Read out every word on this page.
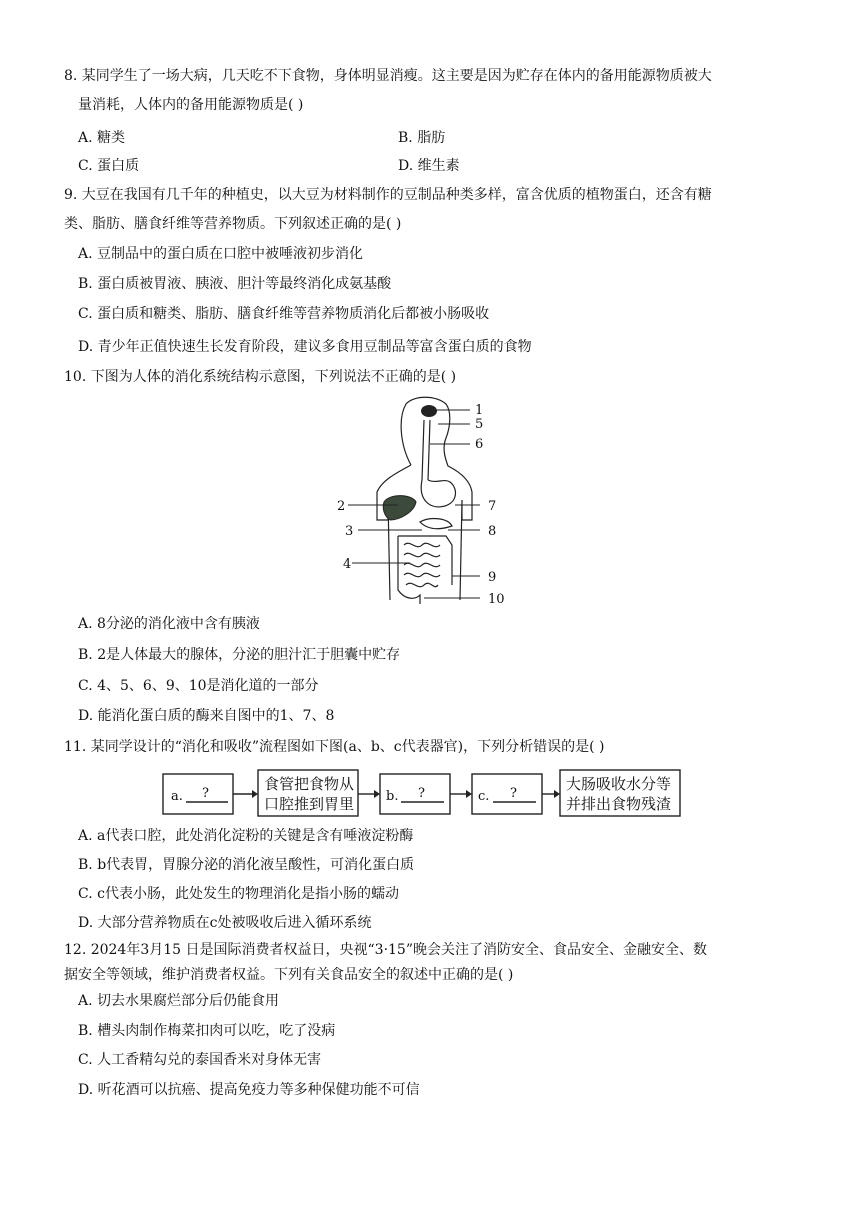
8. 某同学生了一场大病，几天吃不下食物，身体明显消瘦。这主要是因为贮存在体内的备用能源物质被大
量消耗，人体内的备用能源物质是( )
A. 糖类	B. 脂肪
C. 蛋白质	D. 维生素
9. 大豆在我国有几千年的种植史，以大豆为材料制作的豆制品种类多样，富含优质的植物蛋白，还含有糖
类、脂肪、膳食纤维等营养物质。下列叙述正确的是( )
A. 豆制品中的蛋白质在口腔中被唾液初步消化
B. 蛋白质被胃液、胰液、胆汁等最终消化成氨基酸
C. 蛋白质和糖类、脂肪、膳食纤维等营养物质消化后都被小肠吸收
D. 青少年正值快速生长发育阶段，建议多食用豆制品等富含蛋白质的食物
10. 下图为人体的消化系统结构示意图，下列说法不正确的是( )
1
2
3
4
5
6
7
8
9
10
A. 8分泌的消化液中含有胰液
B. 2是人体最大的腺体，分泌的胆汁汇于胆囊中贮存
C. 4、5、6、9、10是消化道的一部分
D. 能消化蛋白质的酶来自图中的1、7、8
11. 某同学设计的“消化和吸收”流程图如下图(a、b、c代表器官)，下列分析错误的是( )
a. ?	b. ?	c. ?
食管把食物从
口腔推到胃里
大肠吸收水分等
并排出食物残渣
A. a代表口腔，此处消化淀粉的关键是含有唾液淀粉酶
B. b代表胃，胃腺分泌的消化液呈酸性，可消化蛋白质
C. c代表小肠，此处发生的物理消化是指小肠的蠕动
D. 大部分营养物质在c处被吸收后进入循环系统
12. 2024年3月15 日是国际消费者权益日，央视“3·15”晚会关注了消防安全、食品安全、金融安全、数
据安全等领域，维护消费者权益。下列有关食品安全的叙述中正确的是( )
A. 切去水果腐烂部分后仍能食用
B. 槽头肉制作梅菜扣肉可以吃，吃了没病
C. 人工香精勾兑的泰国香米对身体无害
D. 听花酒可以抗癌、提高免疫力等多种保健功能不可信
